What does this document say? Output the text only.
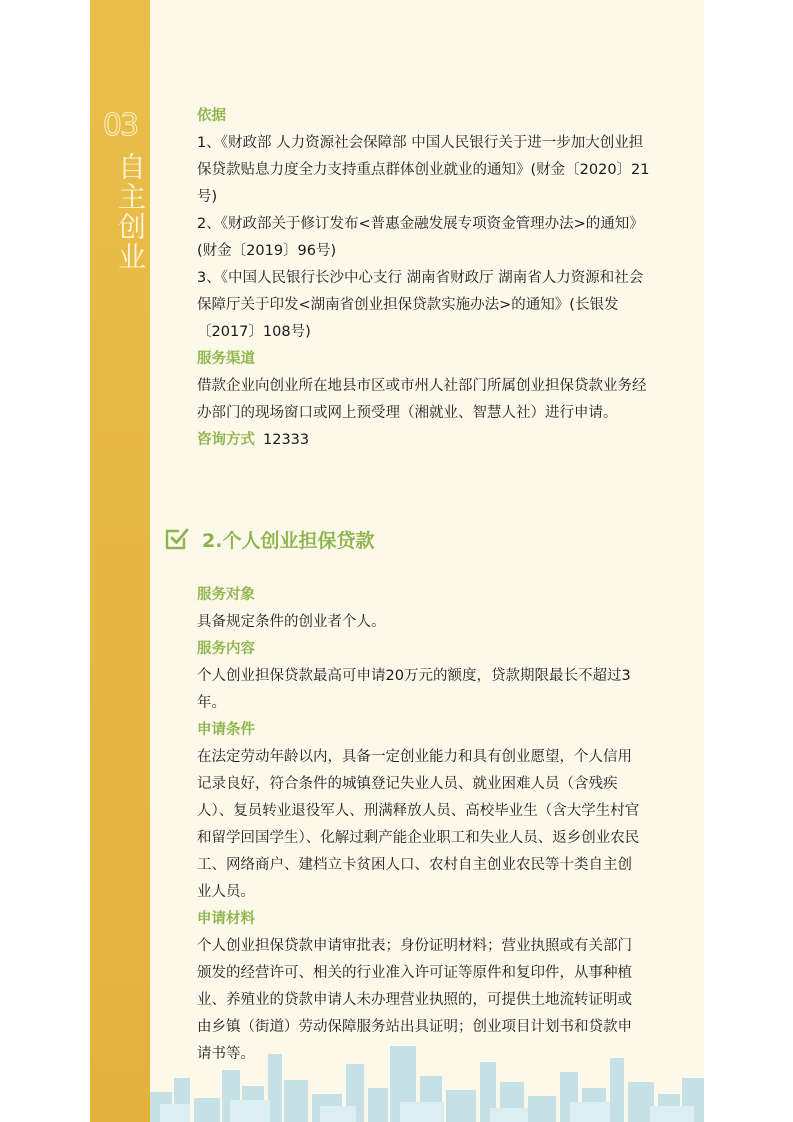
03
自主创业
依据

1、《财政部 人力资源社会保障部 中国人民银行关于进一步加大创业担保贷款贴息力度全力支持重点群体创业就业的通知》(财金〔2020〕21号)

2、《财政部关于修订发布<普惠金融发展专项资金管理办法>的通知》(财金〔2019〕96号)

3、《中国人民银行长沙中心支行 湖南省财政厅 湖南省人力资源和社会保障厅关于印发<湖南省创业担保贷款实施办法>的通知》(长银发〔2017〕108号)

服务渠道

借款企业向创业所在地县市区或市州人社部门所属创业担保贷款业务经办部门的现场窗口或网上预受理（湘就业、智慧人社）进行申请。

咨询方式 12333

2.个人创业担保贷款
服务对象

具备规定条件的创业者个人。

服务内容

个人创业担保贷款最高可申请20万元的额度，贷款期限最长不超过3年。

申请条件

在法定劳动年龄以内，具备一定创业能力和具有创业愿望，个人信用记录良好，符合条件的城镇登记失业人员、就业困难人员（含残疾人）、复员转业退役军人、刑满释放人员、高校毕业生（含大学生村官和留学回国学生）、化解过剩产能企业职工和失业人员、返乡创业农民工、网络商户、建档立卡贫困人口、农村自主创业农民等十类自主创业人员。

申请材料

个人创业担保贷款申请审批表；身份证明材料；营业执照或有关部门颁发的经营许可、相关的行业准入许可证等原件和复印件，从事种植业、养殖业的贷款申请人未办理营业执照的，可提供土地流转证明或由乡镇（街道）劳动保障服务站出具证明；创业项目计划书和贷款申请书等。
